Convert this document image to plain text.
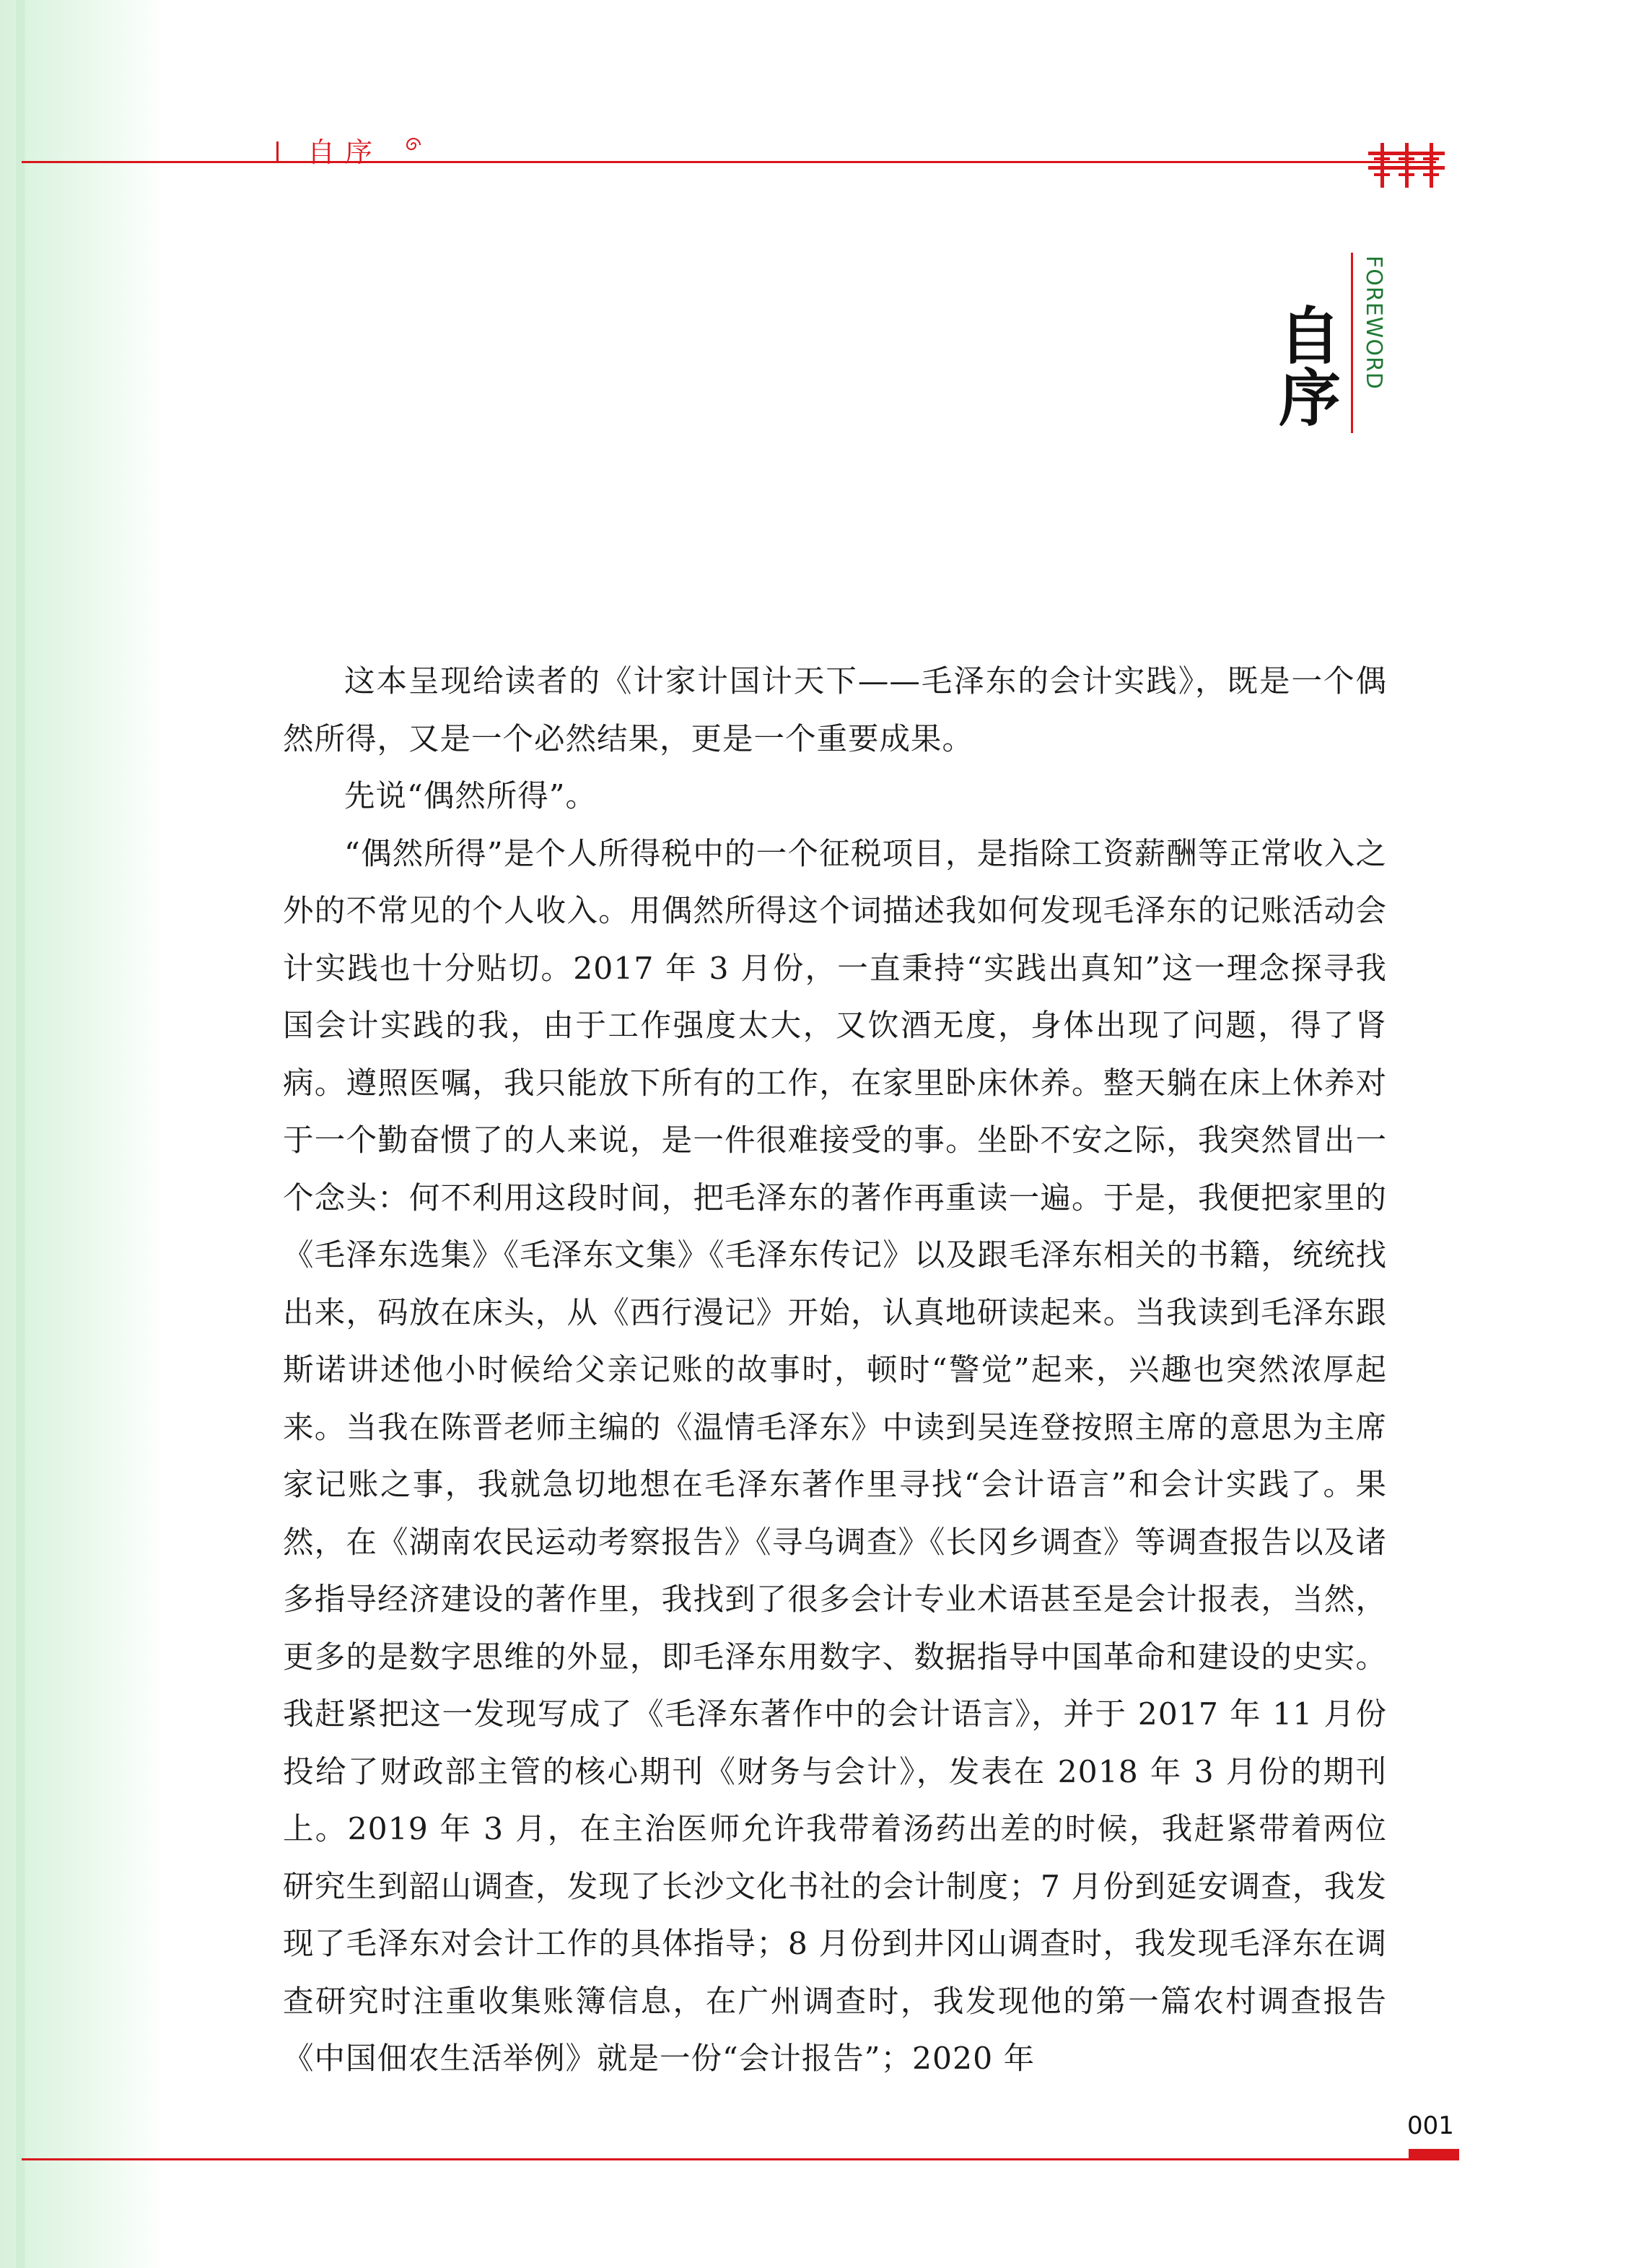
自序
自序 FOREWORD

这本呈现给读者的《计家计国计天下——毛泽东的会计实践》，既是一个偶然所得，又是一个必然结果，更是一个重要成果。

先说“偶然所得”。

“偶然所得”是个人所得税中的一个征税项目，是指除工资薪酬等正常收入之外的不常见的个人收入。用偶然所得这个词描述我如何发现毛泽东的记账活动会计实践也十分贴切。2017 年 3 月份，一直秉持“实践出真知”这一理念探寻我国会计实践的我，由于工作强度太大，又饮酒无度，身体出现了问题，得了肾病。遵照医嘱，我只能放下所有的工作，在家里卧床休养。整天躺在床上休养对于一个勤奋惯了的人来说，是一件很难接受的事。坐卧不安之际，我突然冒出一个念头：何不利用这段时间，把毛泽东的著作再重读一遍。于是，我便把家里的《毛泽东选集》《毛泽东文集》《毛泽东传记》以及跟毛泽东相关的书籍，统统找出来，码放在床头，从《西行漫记》开始，认真地研读起来。当我读到毛泽东跟斯诺讲述他小时候给父亲记账的故事时，顿时“警觉”起来，兴趣也突然浓厚起来。当我在陈晋老师主编的《温情毛泽东》中读到吴连登按照主席的意思为主席家记账之事，我就急切地想在毛泽东著作里寻找“会计语言”和会计实践了。果然，在《湖南农民运动考察报告》《寻乌调查》《长冈乡调查》等调查报告以及诸多指导经济建设的著作里，我找到了很多会计专业术语甚至是会计报表，当然，更多的是数字思维的外显，即毛泽东用数字、数据指导中国革命和建设的史实。我赶紧把这一发现写成了《毛泽东著作中的会计语言》，并于 2017 年 11 月份投给了财政部主管的核心期刊《财务与会计》，发表在 2018 年 3 月份的期刊上。2019 年 3 月，在主治医师允许我带着汤药出差的时候，我赶紧带着两位研究生到韶山调查，发现了长沙文化书社的会计制度；7 月份到延安调查，我发现了毛泽东对会计工作的具体指导；8 月份到井冈山调查时，我发现毛泽东在调查研究时注重收集账簿信息，在广州调查时，我发现他的第一篇农村调查报告《中国佃农生活举例》就是一份“会计报告”；2020 年

001
